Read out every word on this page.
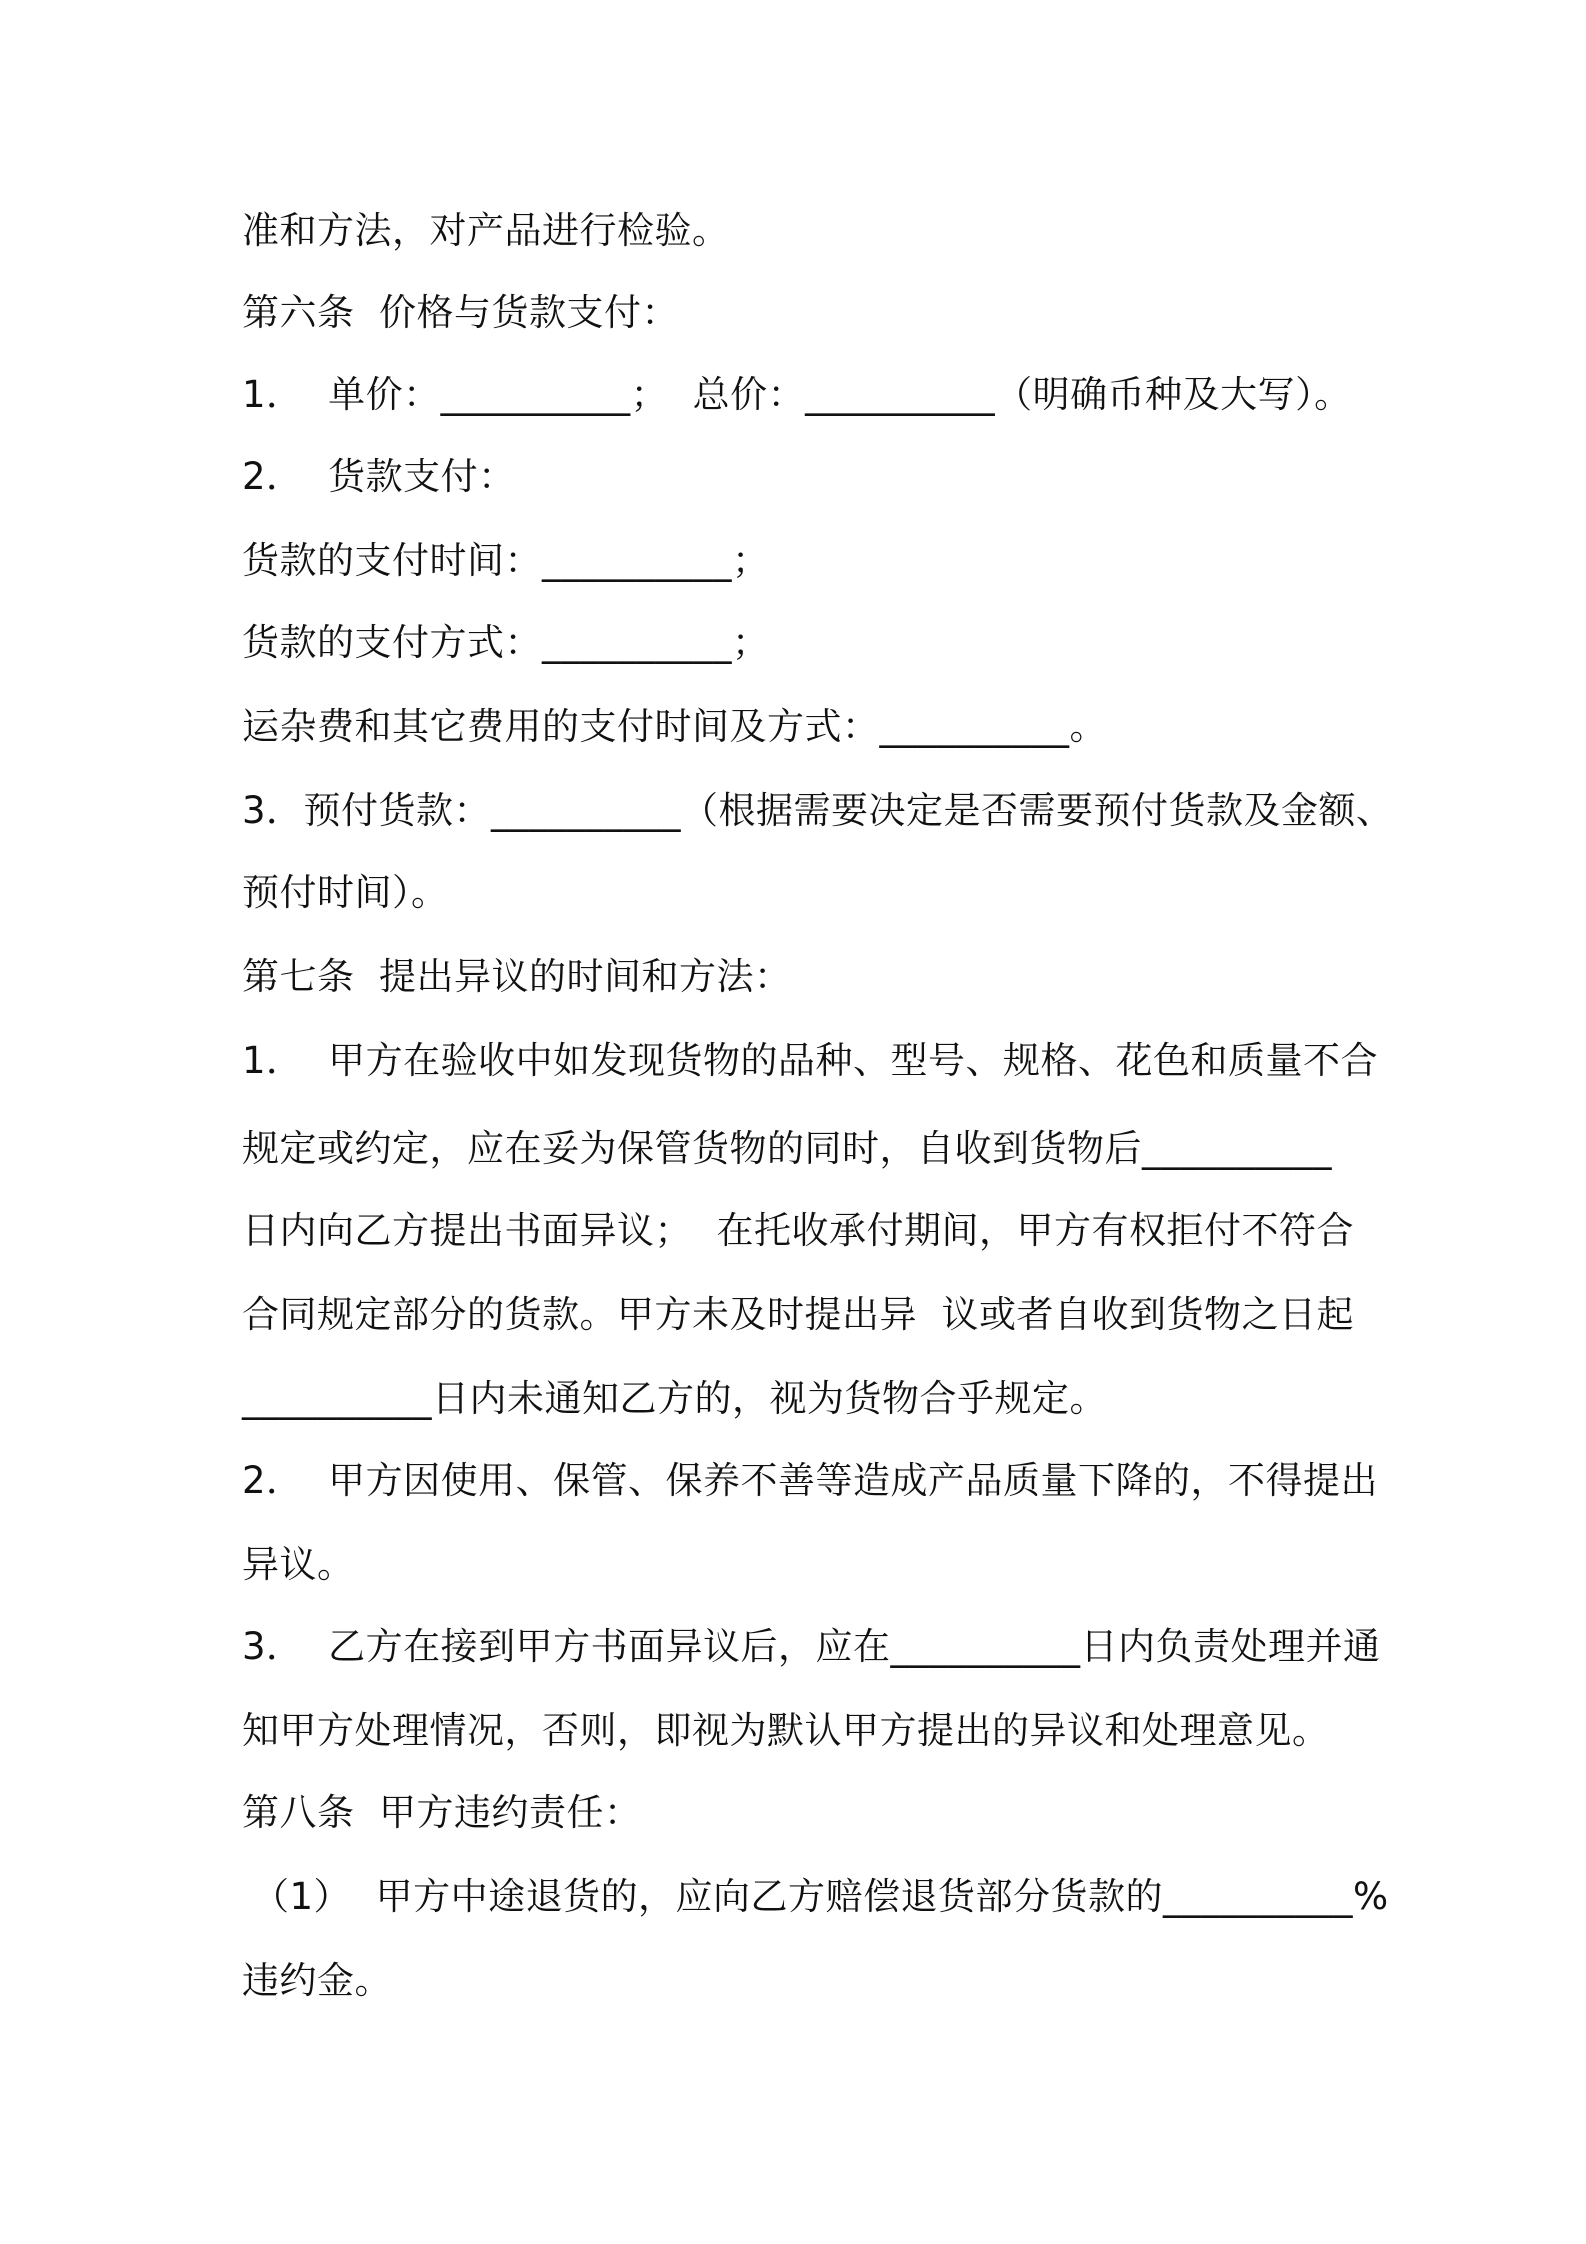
准和方法，对产品进行检验。

第六条  价格与货款支付：

1．  单价：__________；  总价：__________（明确币种及大写）。

2．  货款支付：

货款的支付时间：__________；

货款的支付方式：__________；

运杂费和其它费用的支付时间及方式：__________。

3．预付货款：__________（根据需要决定是否需要预付货款及金额、

预付时间）。

第七条  提出异议的时间和方法：

1．  甲方在验收中如发现货物的品种、型号、规格、花色和质量不合

规定或约定，应在妥为保管货物的同时，自收到货物后__________

日内向乙方提出书面异议；  在托收承付期间，甲方有权拒付不符合

合同规定部分的货款。甲方未及时提出异  议或者自收到货物之日起

__________日内未通知乙方的，视为货物合乎规定。

2．  甲方因使用、保管、保养不善等造成产品质量下降的，不得提出

异议。

3．  乙方在接到甲方书面异议后，应在__________日内负责处理并通

知甲方处理情况，否则，即视为默认甲方提出的异议和处理意见。

第八条  甲方违约责任：

（1）  甲方中途退货的，应向乙方赔偿退货部分货款的__________%

违约金。
